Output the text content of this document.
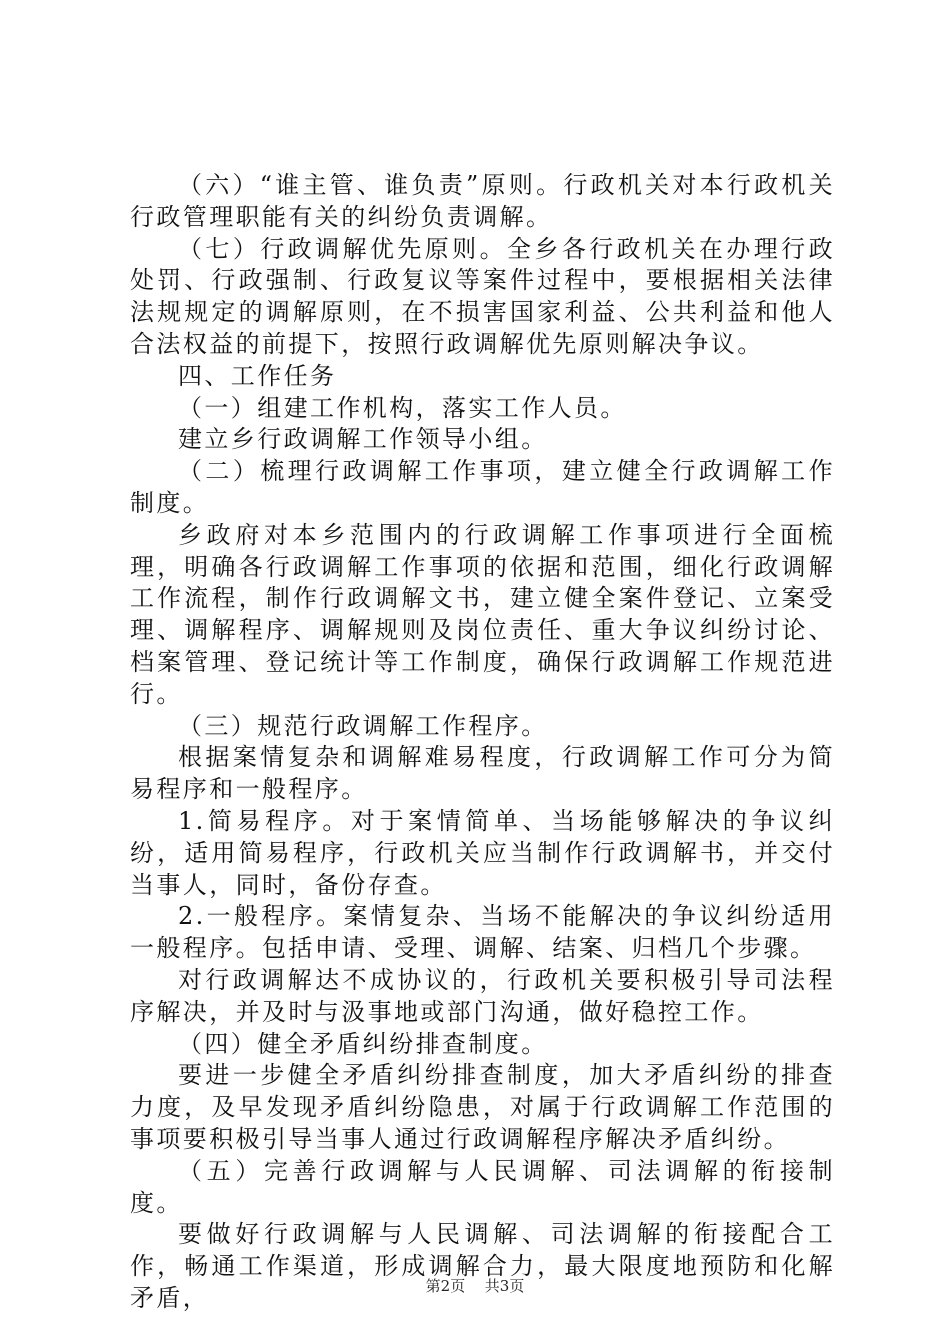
（六）“谁主管、谁负责”原则。行政机关对本行政机关行政管理职能有关的纠纷负责调解。

（七）行政调解优先原则。全乡各行政机关在办理行政处罚、行政强制、行政复议等案件过程中，要根据相关法律法规规定的调解原则，在不损害国家利益、公共利益和他人合法权益的前提下，按照行政调解优先原则解决争议。

四、工作任务

（一）组建工作机构，落实工作人员。

建立乡行政调解工作领导小组。

（二）梳理行政调解工作事项，建立健全行政调解工作制度。

乡政府对本乡范围内的行政调解工作事项进行全面梳理，明确各行政调解工作事项的依据和范围，细化行政调解工作流程，制作行政调解文书，建立健全案件登记、立案受理、调解程序、调解规则及岗位责任、重大争议纠纷讨论、档案管理、登记统计等工作制度，确保行政调解工作规范进行。

（三）规范行政调解工作程序。

根据案情复杂和调解难易程度，行政调解工作可分为简易程序和一般程序。

1.简易程序。对于案情简单、当场能够解决的争议纠纷，适用简易程序，行政机关应当制作行政调解书，并交付当事人，同时，备份存查。

2.一般程序。案情复杂、当场不能解决的争议纠纷适用一般程序。包括申请、受理、调解、结案、归档几个步骤。

对行政调解达不成协议的，行政机关要积极引导司法程序解决，并及时与汲事地或部门沟通，做好稳控工作。

（四）健全矛盾纠纷排查制度。

要进一步健全矛盾纠纷排查制度，加大矛盾纠纷的排查力度，及早发现矛盾纠纷隐患，对属于行政调解工作范围的事项要积极引导当事人通过行政调解程序解决矛盾纠纷。

（五）完善行政调解与人民调解、司法调解的衔接制度。

要做好行政调解与人民调解、司法调解的衔接配合工作，畅通工作渠道，形成调解合力，最大限度地预防和化解矛盾，	第2页 共3页
